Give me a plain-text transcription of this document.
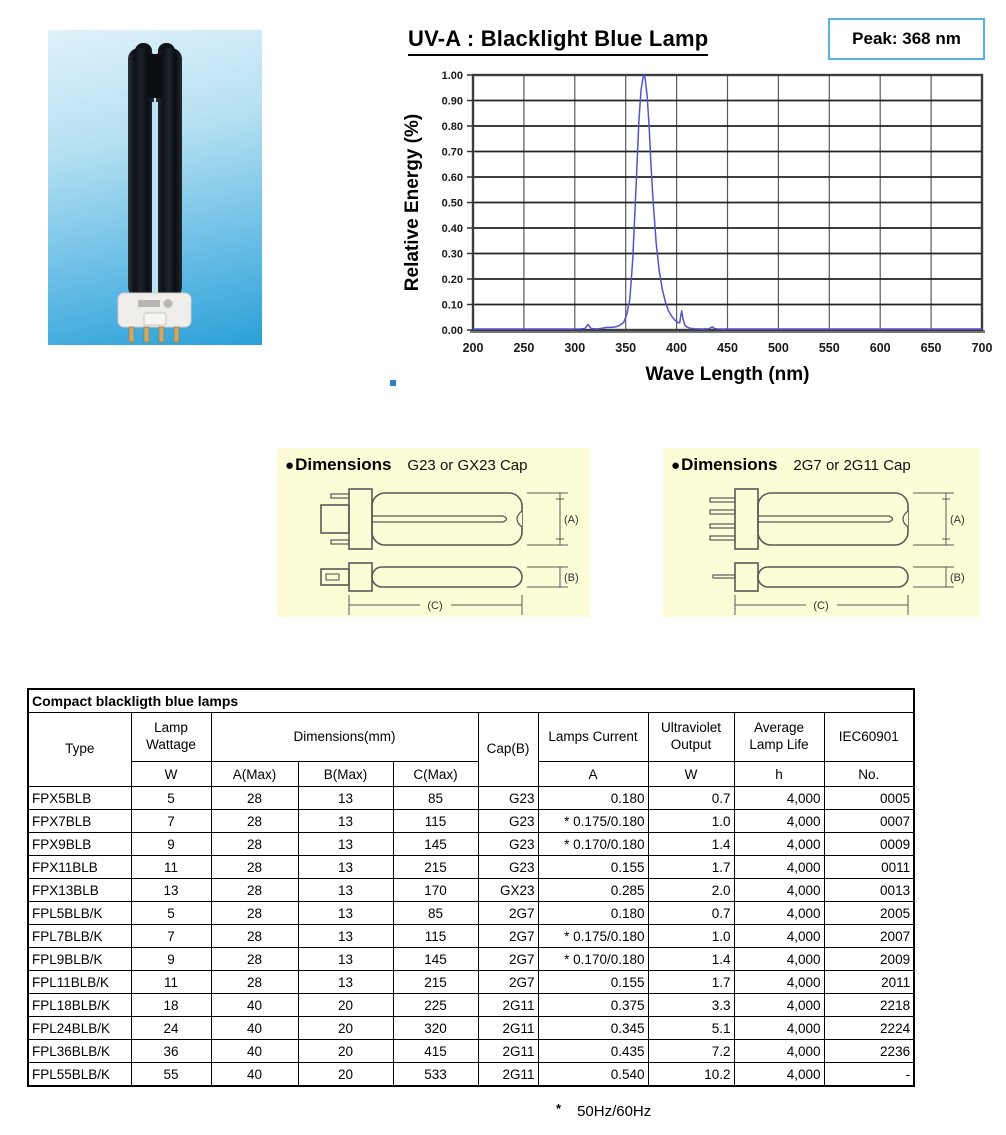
UV-A : Blacklight Blue Lamp	Peak: 368 nm
0.00
0.10
0.20
0.30
0.40
0.50
0.60
0.70
0.80
0.90
1.00
200 250 300 350 400 450 500 550 600 650 700
Wave Length (nm)
Relative Energy (%)
●Dimensions G23 or GX23 Cap
(A)
(B)
(C)
●Dimensions 2G7 or 2G11 Cap
(A)
(B)
(C)
Compact blackligth blue lamps									
Type	Lamp Wattage	Dimensions(mm)			Cap(B)	Lamps Current	Ultraviolet Output	Average Lamp Life	IEC60901
	W	A(Max)	B(Max)	C(Max)		A	W	h	No.
FPX5BLB	5	28	13	85	G23	0.180	0.7	4,000	0005
FPX7BLB	7	28	13	115	G23	* 0.175/0.180	1.0	4,000	0007
FPX9BLB	9	28	13	145	G23	* 0.170/0.180	1.4	4,000	0009
FPX11BLB	11	28	13	215	G23	0.155	1.7	4,000	0011
FPX13BLB	13	28	13	170	GX23	0.285	2.0	4,000	0013
FPL5BLB/K	5	28	13	85	2G7	0.180	0.7	4,000	2005
FPL7BLB/K	7	28	13	115	2G7	* 0.175/0.180	1.0	4,000	2007
FPL9BLB/K	9	28	13	145	2G7	* 0.170/0.180	1.4	4,000	2009
FPL11BLB/K	11	28	13	215	2G7	0.155	1.7	4,000	2011
FPL18BLB/K	18	40	20	225	2G11	0.375	3.3	4,000	2218
FPL24BLB/K	24	40	20	320	2G11	0.345	5.1	4,000	2224
FPL36BLB/K	36	40	20	415	2G11	0.435	7.2	4,000	2236
FPL55BLB/K	55	40	20	533	2G11	0.540	10.2	4,000	-
* 50Hz/60Hz
